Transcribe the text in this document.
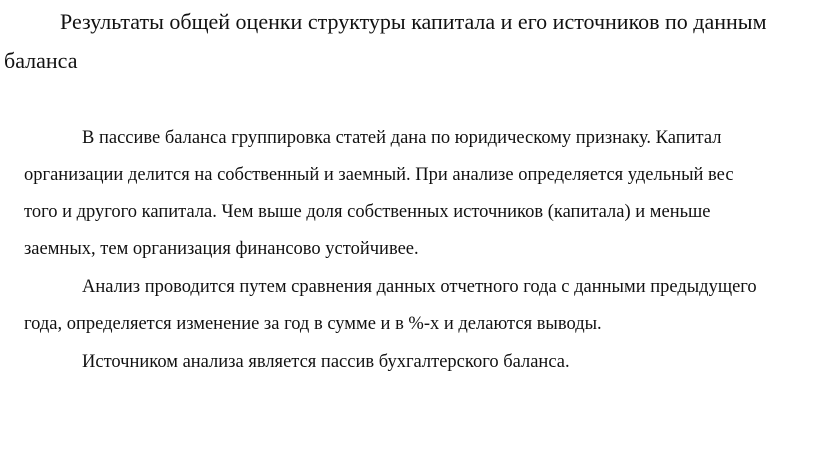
Результаты общей оценки структуры капитала и его источников по данным
баланса

В пассиве баланса группировка статей дана по юридическому признаку. Капитал
организации делится на собственный и заемный. При анализе определяется удельный вес
того и другого капитала. Чем выше доля собственных источников (капитала) и меньше
заемных, тем организация финансово устойчивее.

Анализ проводится путем сравнения данных отчетного года с данными предыдущего
года, определяется изменение за год в сумме и в %-х и делаются выводы.

Источником анализа является пассив бухгалтерского баланса.
